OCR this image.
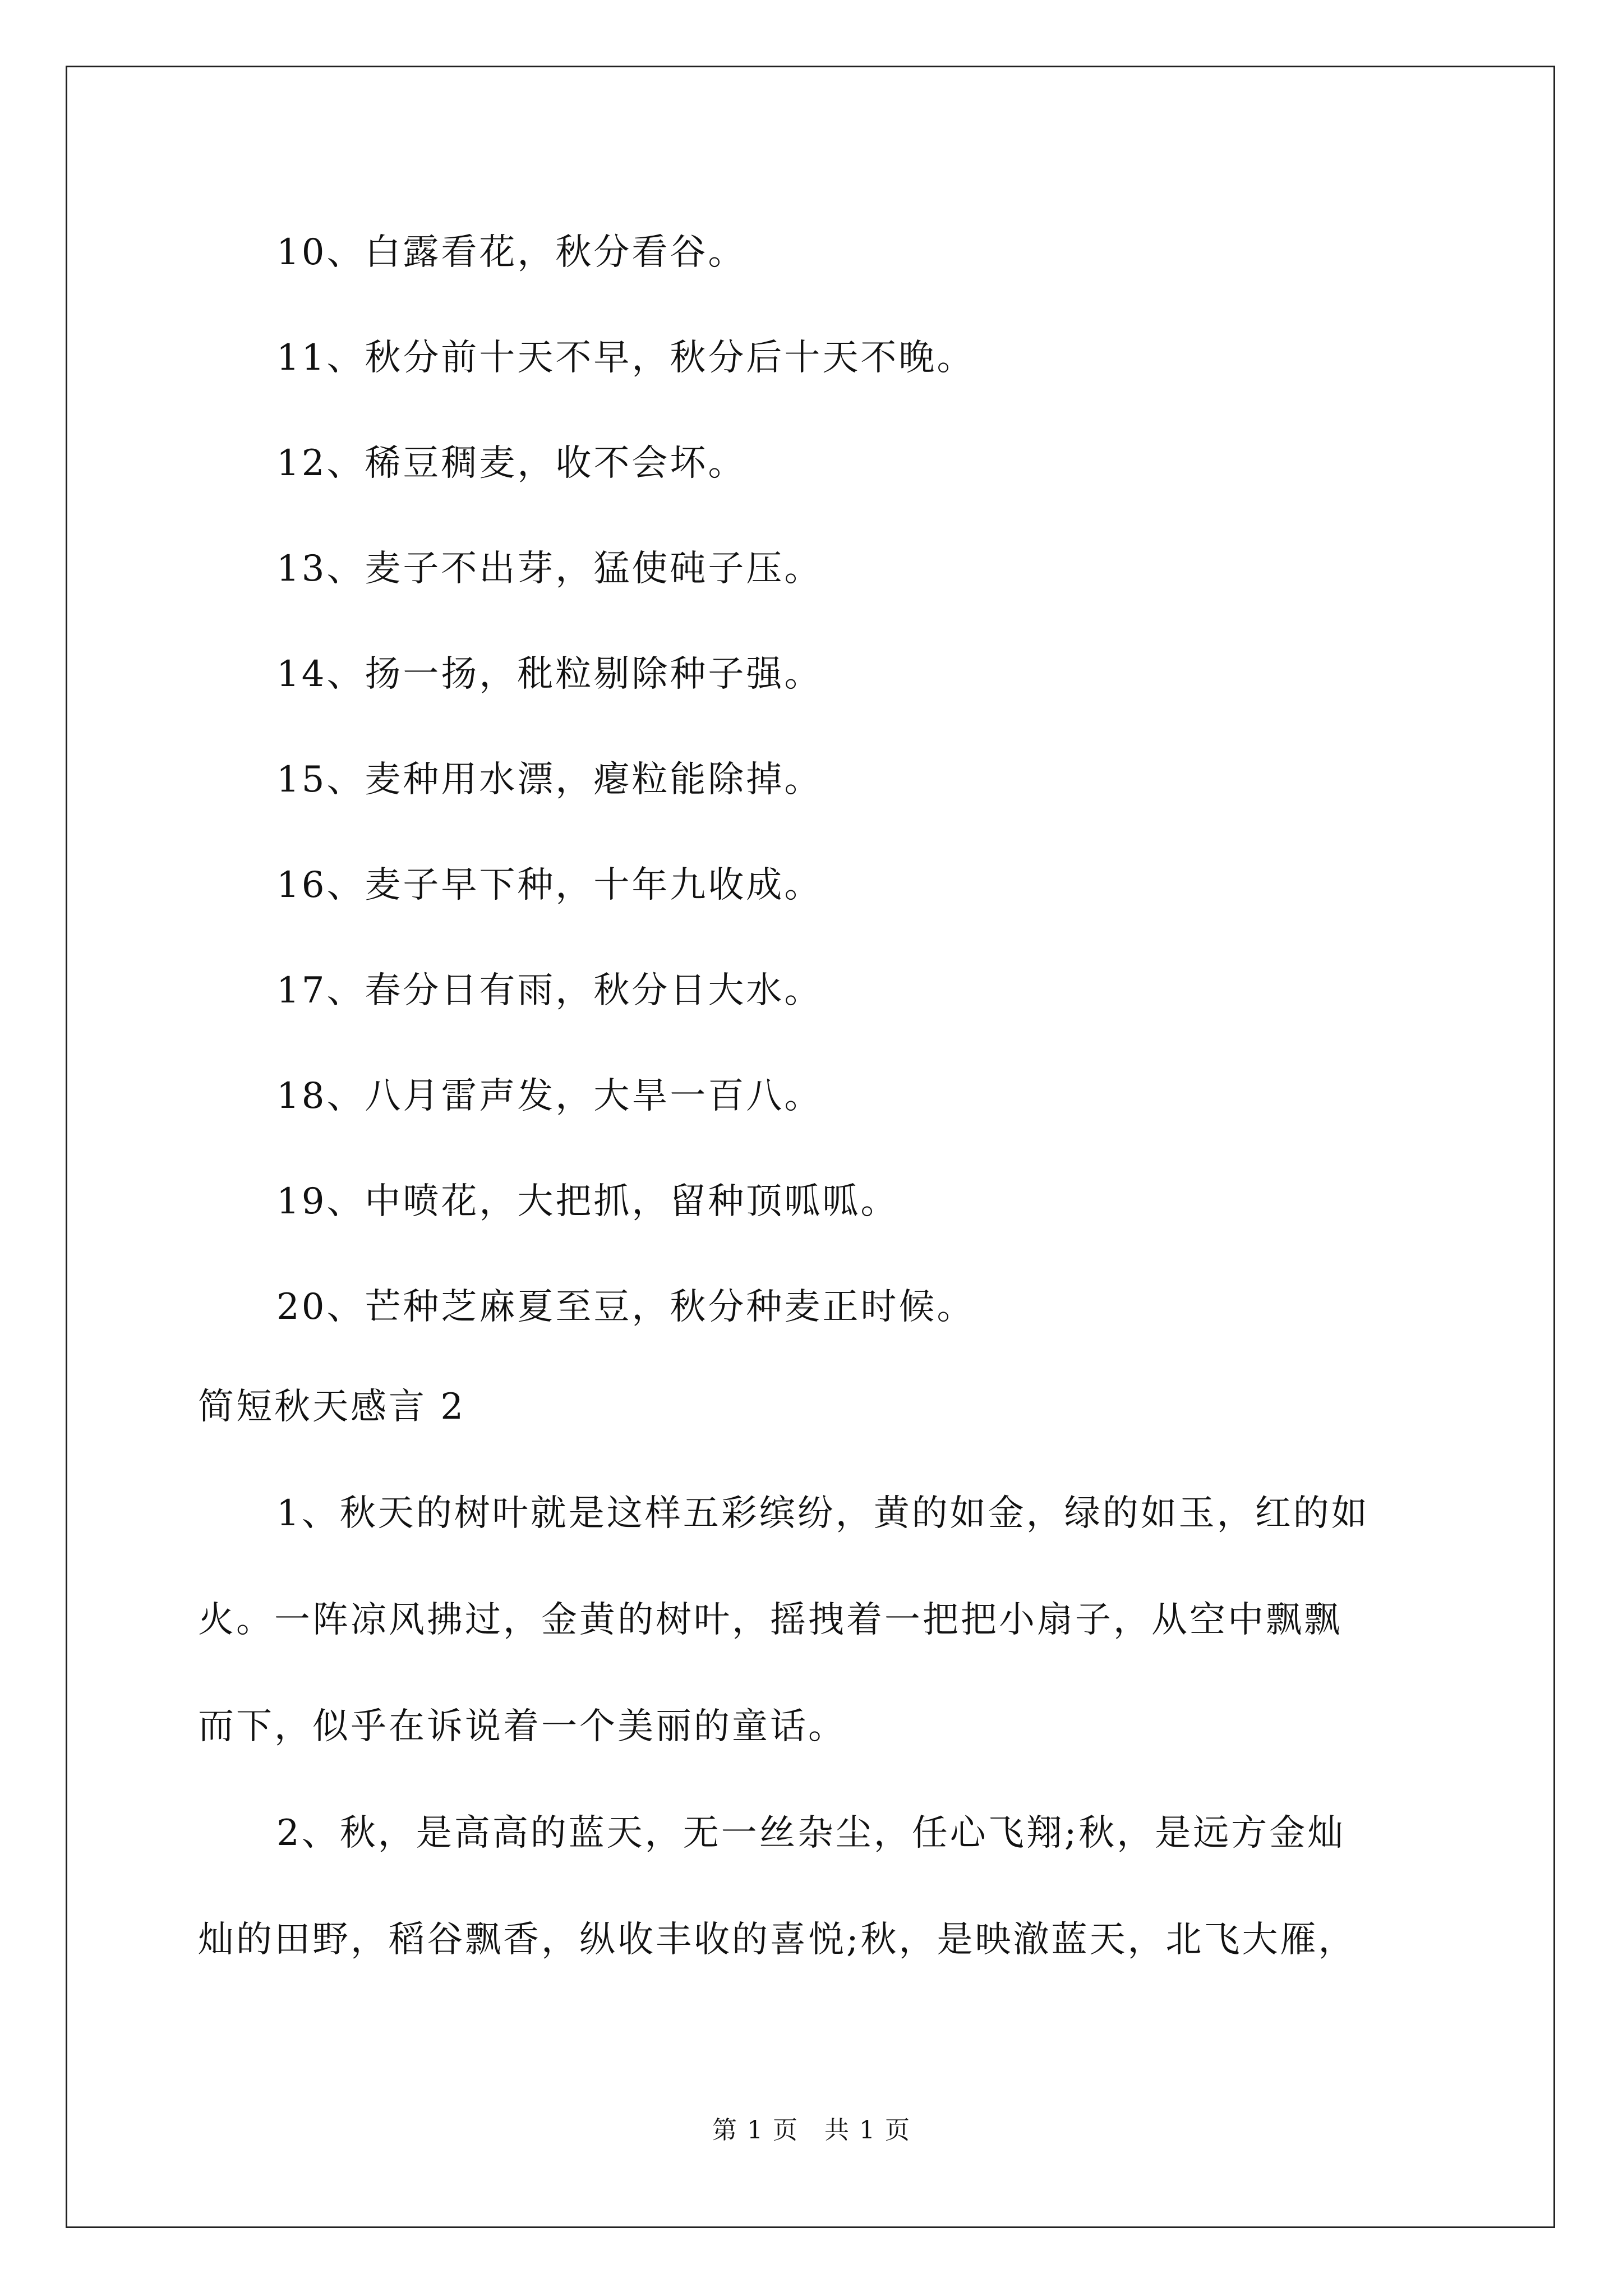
10、白露看花，秋分看谷。
11、秋分前十天不早，秋分后十天不晚。
12、稀豆稠麦，收不会坏。
13、麦子不出芽，猛使砘子压。
14、扬一扬，秕粒剔除种子强。
15、麦种用水漂，瘪粒能除掉。
16、麦子早下种，十年九收成。
17、春分日有雨，秋分日大水。
18、八月雷声发，大旱一百八。
19、中喷花，大把抓，留种顶呱呱。
20、芒种芝麻夏至豆，秋分种麦正时候。
简短秋天感言 2
1、秋天的树叶就是这样五彩缤纷，黄的如金，绿的如玉，红的如
火。一阵凉风拂过，金黄的树叶，摇拽着一把把小扇子，从空中飘飘
而下，似乎在诉说着一个美丽的童话。
2、秋，是高高的蓝天，无一丝杂尘，任心飞翔;秋，是远方金灿
灿的田野，稻谷飘香，纵收丰收的喜悦;秋，是映澈蓝天，北飞大雁，
第 1 页　共 1 页
